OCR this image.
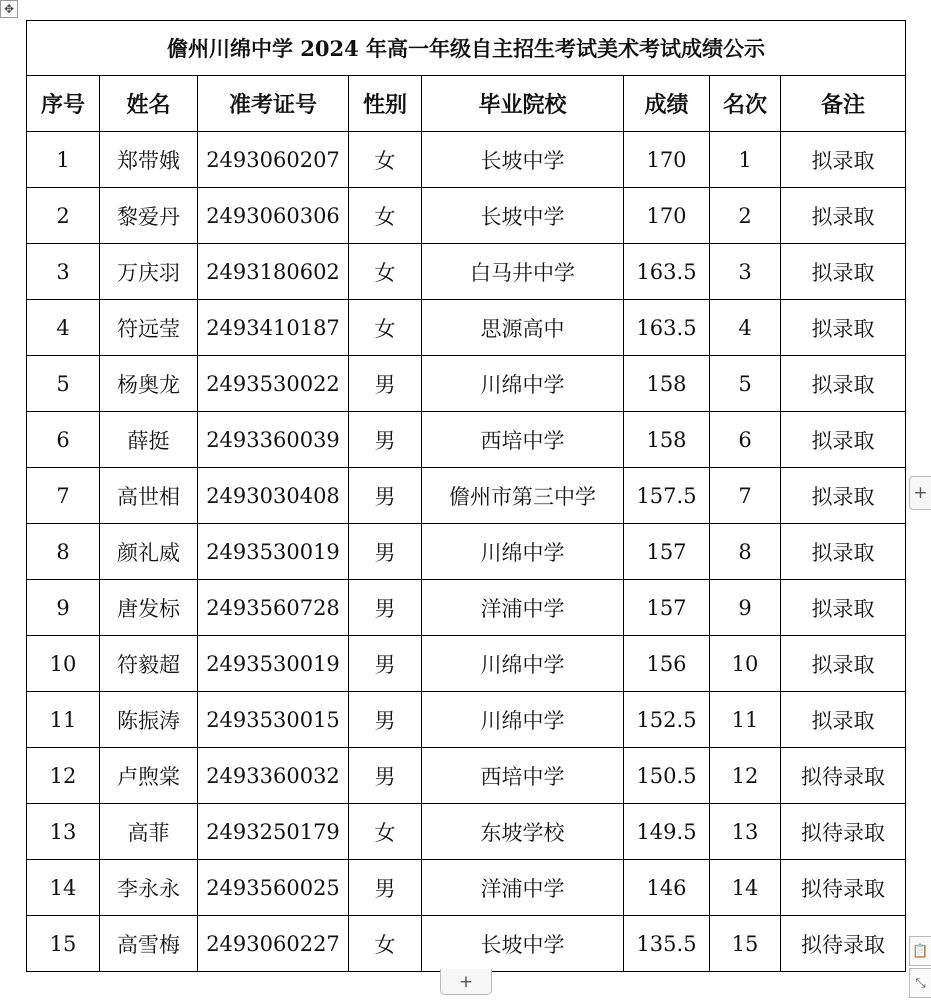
✥
儋州川绵中学 2024 年高一年级自主招生考试美术考试成绩公示							
序号	姓名	准考证号	性别	毕业院校	成绩	名次	备注
1	郑带娥	2493060207	女	长坡中学	170	1	拟录取
2	黎爱丹	2493060306	女	长坡中学	170	2	拟录取
3	万庆羽	2493180602	女	白马井中学	163.5	3	拟录取
4	符远莹	2493410187	女	思源高中	163.5	4	拟录取
5	杨奥龙	2493530022	男	川绵中学	158	5	拟录取
6	薛挺	2493360039	男	西培中学	158	6	拟录取
7	高世相	2493030408	男	儋州市第三中学	157.5	7	拟录取
8	颜礼威	2493530019	男	川绵中学	157	8	拟录取
9	唐发标	2493560728	男	洋浦中学	157	9	拟录取
10	符毅超	2493530019	男	川绵中学	156	10	拟录取
11	陈振涛	2493530015	男	川绵中学	152.5	11	拟录取
12	卢煦棠	2493360032	男	西培中学	150.5	12	拟待录取
13	高菲	2493250179	女	东坡学校	149.5	13	拟待录取
14	李永永	2493560025	男	洋浦中学	146	14	拟待录取
15	高雪梅	2493060227	女	长坡中学	135.5	15	拟待录取
+
+
📋
⤡
